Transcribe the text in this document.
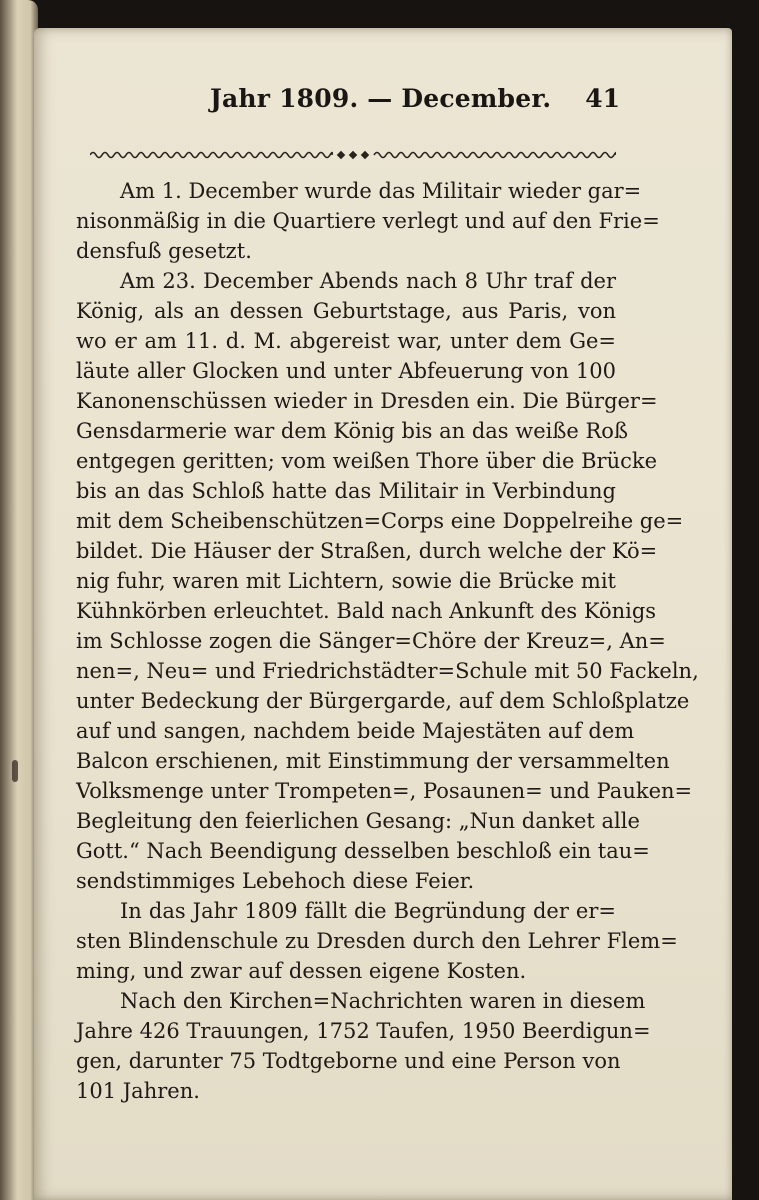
Jahr 1809. — December. 41
Am 1. December wurde das Militair wieder gar=
nisonmäßig in die Quartiere verlegt und auf den Frie=
densfuß gesetzt.
Am 23. December Abends nach 8 Uhr traf der
König, als an dessen Geburtstage, aus Paris, von
wo er am 11. d. M. abgereist war, unter dem Ge=
läute aller Glocken und unter Abfeuerung von 100
Kanonenschüssen wieder in Dresden ein. Die Bürger=
Gensdarmerie war dem König bis an das weiße Roß
entgegen geritten; vom weißen Thore über die Brücke
bis an das Schloß hatte das Militair in Verbindung
mit dem Scheibenschützen=Corps eine Doppelreihe ge=
bildet. Die Häuser der Straßen, durch welche der Kö=
nig fuhr, waren mit Lichtern, sowie die Brücke mit
Kühnkörben erleuchtet. Bald nach Ankunft des Königs
im Schlosse zogen die Sänger=Chöre der Kreuz=, An=
nen=, Neu= und Friedrichstädter=Schule mit 50 Fackeln,
unter Bedeckung der Bürgergarde, auf dem Schloßplatze
auf und sangen, nachdem beide Majestäten auf dem
Balcon erschienen, mit Einstimmung der versammelten
Volksmenge unter Trompeten=, Posaunen= und Pauken=
Begleitung den feierlichen Gesang: „Nun danket alle
Gott.“ Nach Beendigung desselben beschloß ein tau=
sendstimmiges Lebehoch diese Feier.
In das Jahr 1809 fällt die Begründung der er=
sten Blindenschule zu Dresden durch den Lehrer Flem=
ming, und zwar auf dessen eigene Kosten.
Nach den Kirchen=Nachrichten waren in diesem
Jahre 426 Trauungen, 1752 Taufen, 1950 Beerdigun=
gen, darunter 75 Todtgeborne und eine Person von
101 Jahren.
